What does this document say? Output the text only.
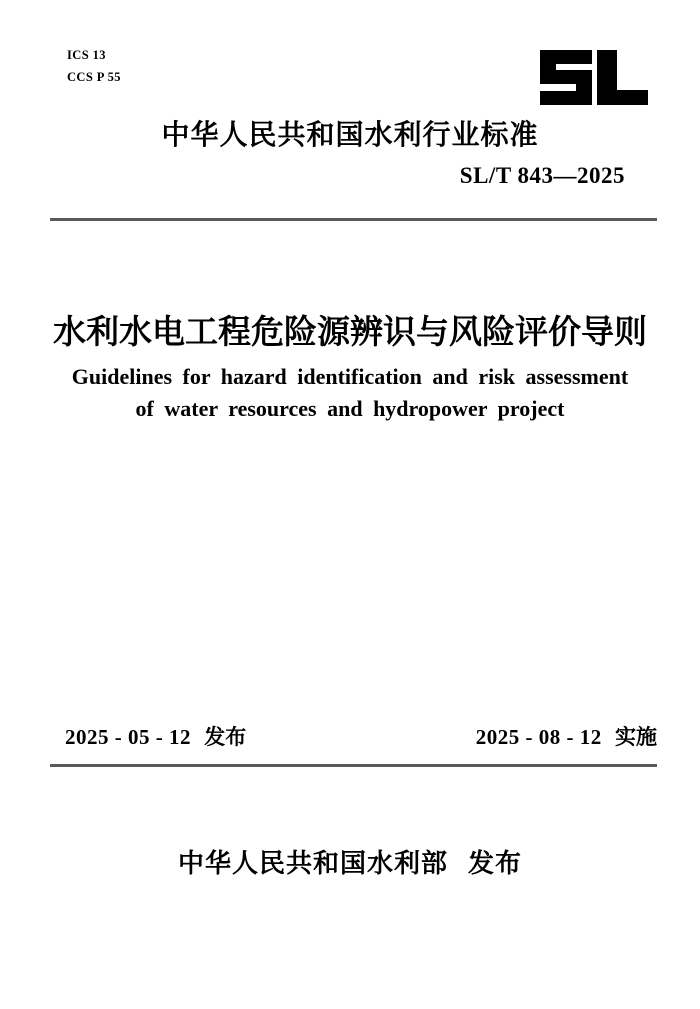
ICS 13
CCS P 55
中华人民共和国水利行业标准
SL/T 843—2025
水利水电工程危险源辨识与风险评价导则
Guidelines for hazard identification and risk assessment
of water resources and hydropower project
2025 - 05 - 12 发布	2025 - 08 - 12 实施
中华人民共和国水利部 发布
